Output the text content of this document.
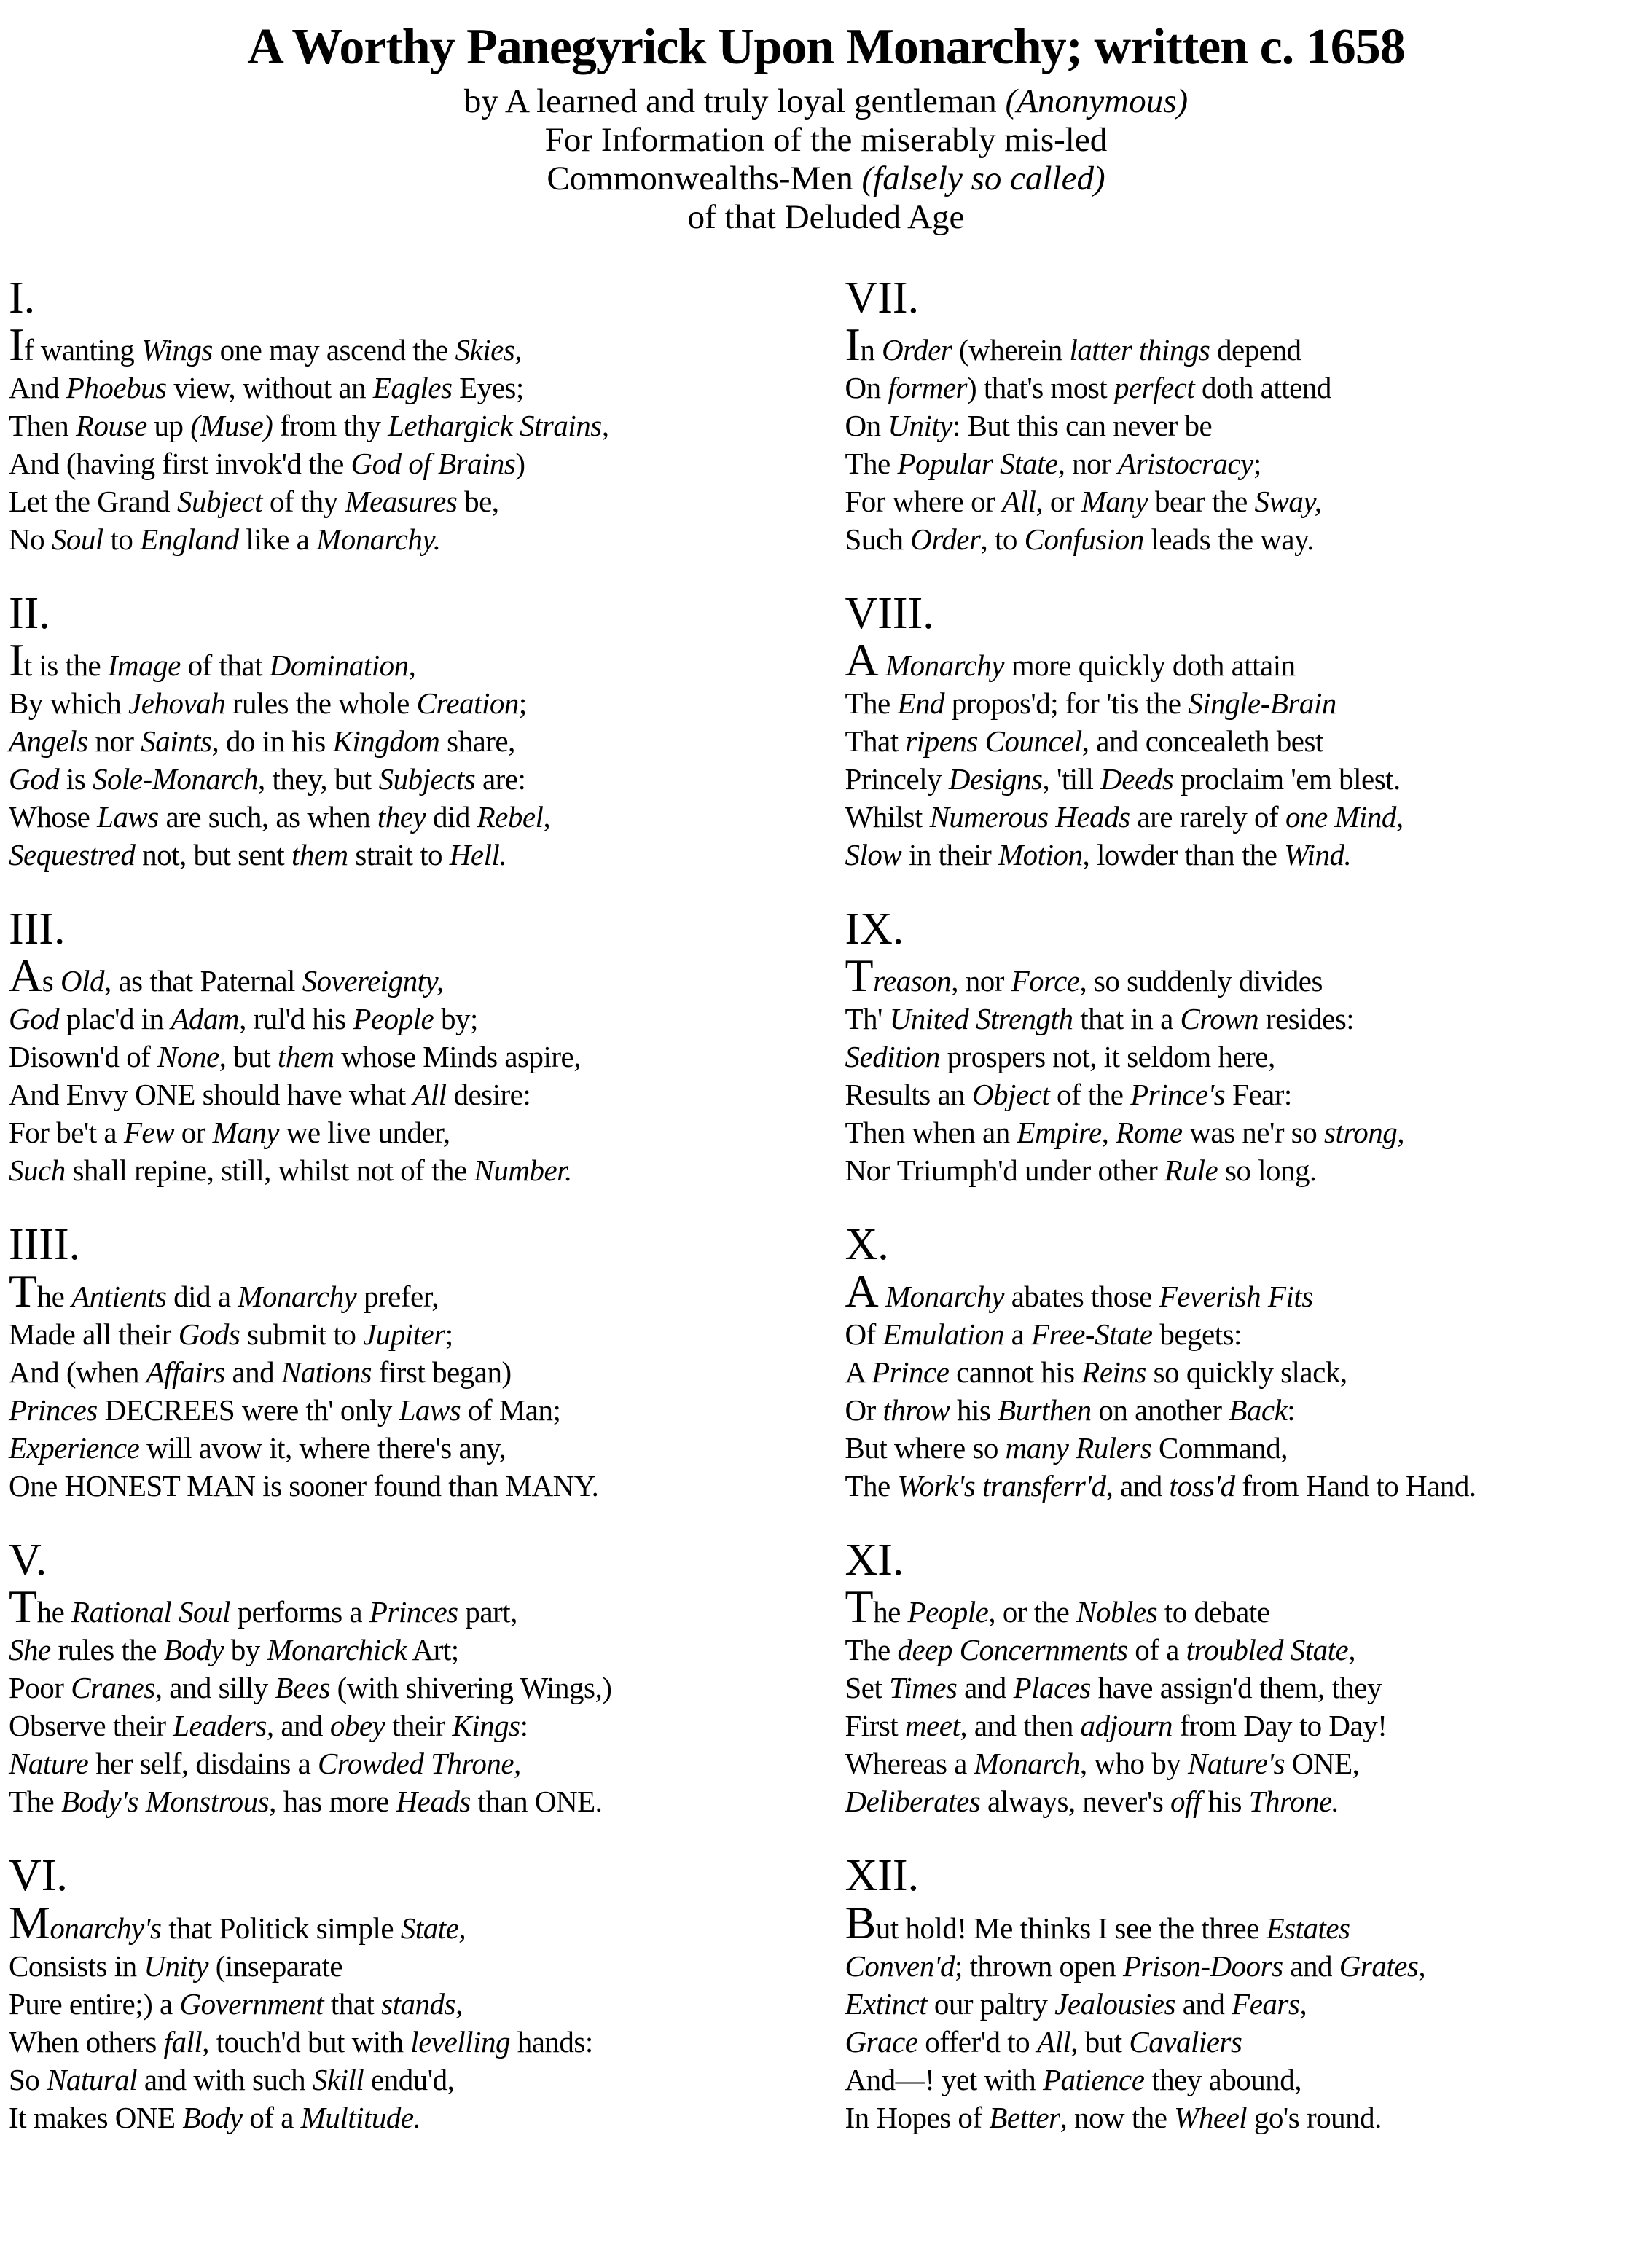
A Worthy Panegyrick Upon Monarchy; written c. 1658
by A learned and truly loyal gentleman (Anonymous)
For Information of the miserably mis-led
Commonwealths-Men (falsely so called)
of that Deluded Age
I.

If wanting Wings one may ascend the Skies,

And Phoebus view, without an Eagles Eyes;

Then Rouse up (Muse) from thy Lethargick Strains,

And (having first invok'd the God of Brains)

Let the Grand Subject of thy Measures be,

No Soul to England like a Monarchy.

II.

It is the Image of that Domination,

By which Jehovah rules the whole Creation;

Angels nor Saints, do in his Kingdom share,

God is Sole-Monarch, they, but Subjects are:

Whose Laws are such, as when they did Rebel,

Sequestred not, but sent them strait to Hell.

III.

As Old, as that Paternal Sovereignty,

God plac'd in Adam, rul'd his People by;

Disown'd of None, but them whose Minds aspire,

And Envy ONE should have what All desire:

For be't a Few or Many we live under,

Such shall repine, still, whilst not of the Number.

IIII.

The Antients did a Monarchy prefer,

Made all their Gods submit to Jupiter;

And (when Affairs and Nations first began)

Princes DECREES were th' only Laws of Man;

Experience will avow it, where there's any,

One HONEST MAN is sooner found than MANY.

V.

The Rational Soul performs a Princes part,

She rules the Body by Monarchick Art;

Poor Cranes, and silly Bees (with shivering Wings,)

Observe their Leaders, and obey their Kings:

Nature her self, disdains a Crowded Throne,

The Body's Monstrous, has more Heads than ONE.

VI.

Monarchy's that Politick simple State,

Consists in Unity (inseparate

Pure entire;) a Government that stands,

When others fall, touch'd but with levelling hands:

So Natural and with such Skill endu'd,

It makes ONE Body of a Multitude.

VII.

In Order (wherein latter things depend

On former) that's most perfect doth attend

On Unity: But this can never be

The Popular State, nor Aristocracy;

For where or All, or Many bear the Sway,

Such Order, to Confusion leads the way.

VIII.

A Monarchy more quickly doth attain

The End propos'd; for 'tis the Single-Brain

That ripens Councel, and concealeth best

Princely Designs, 'till Deeds proclaim 'em blest.

Whilst Numerous Heads are rarely of one Mind,

Slow in their Motion, lowder than the Wind.

IX.

Treason, nor Force, so suddenly divides

Th' United Strength that in a Crown resides:

Sedition prospers not, it seldom here,

Results an Object of the Prince's Fear:

Then when an Empire, Rome was ne'r so strong,

Nor Triumph'd under other Rule so long.

X.

A Monarchy abates those Feverish Fits

Of Emulation a Free-State begets:

A Prince cannot his Reins so quickly slack,

Or throw his Burthen on another Back:

But where so many Rulers Command,

The Work's transferr'd, and toss'd from Hand to Hand.

XI.

The People, or the Nobles to debate

The deep Concernments of a troubled State,

Set Times and Places have assign'd them, they

First meet, and then adjourn from Day to Day!

Whereas a Monarch, who by Nature's ONE,

Deliberates always, never's off his Throne.

XII.

But hold! Me thinks I see the three Estates

Conven'd; thrown open Prison-Doors and Grates,

Extinct our paltry Jealousies and Fears,

Grace offer'd to All, but Cavaliers

And—! yet with Patience they abound,

In Hopes of Better, now the Wheel go's round.
